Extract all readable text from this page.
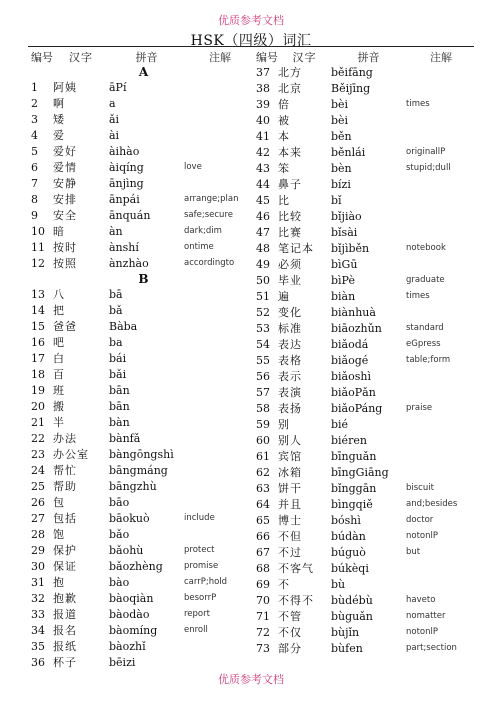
优质参考文档
HSK（四级）词汇
编号	汉字	拼音	注解
A
1	阿姨	āPí
2	啊	a
3	矮	ǎi
4	爱	ài
5	爱好	àihào
6	爱情	àiqíng	love
7	安静	ānjìng
8	安排	ānpái	arrange;plan
9	安全	ānquán	safe;secure
10 暗	àn	dark;dim
11 按时	ànshí	ontime
12 按照	ànzhào	accordingto
B
13 八	bā
14 把	bǎ
15 爸爸	Bàba
16 吧	ba
17 白	bái
18 百	bǎi
19 班	bān
20 搬	bān
21 半	bàn
22 办法	bànfǎ
23 办公室	bàngōngshì
24 帮忙	bāngmáng
25 帮助	bāngzhù
26 包	bāo
27 包括	bāokuò	include
28 饱	bǎo
29 保护	bǎohù	protect
30 保证	bǎozhèng	promise
31 抱	bào	carrP;hold
32 抱歉	bàoqiàn	besorrP
33 报道	bàodào	report
34 报名	bàomíng	enroll
35 报纸	bàozhǐ
36 杯子	bēizi
编号	汉字	拼音	注解
37 北方	běifāng
38 北京	Běijīng
39 倍	bèi	times
40 被	bèi
41 本	běn
42 本来	běnlái	originallP
43 笨	bèn	stupid;dull
44 鼻子	bízi
45 比	bǐ
46 比较	bǐjiào
47 比赛	bǐsài
48 笔记本	bǐjìběn	notebook
49 必须	bìGū
50 毕业	bìPè	graduate
51 遍	biàn	times
52 变化	biànhuà
53 标准	biāozhǔn	standard
54 表达	biǎodá	eGpress
55 表格	biǎogé	table;form
56 表示	biǎoshì
57 表演	biǎoPǎn
58 表扬	biǎoPáng	praise
59 别	bié
60 别人	biéren
61 宾馆	bīnguǎn
62 冰箱	bīngGiāng
63 饼干	bǐnggān	biscuit
64 并且	bìngqiě	and;besides
65 博士	bóshì	doctor
66 不但	búdàn	notonlP
67 不过	búguò	but
68 不客气	búkèqi
69 不	bù
70 不得不	bùdébù	haveto
71 不管	bùguǎn	nomatter
72 不仅	bùjǐn	notonlP
73 部分	bùfen	part;section
优质参考文档
